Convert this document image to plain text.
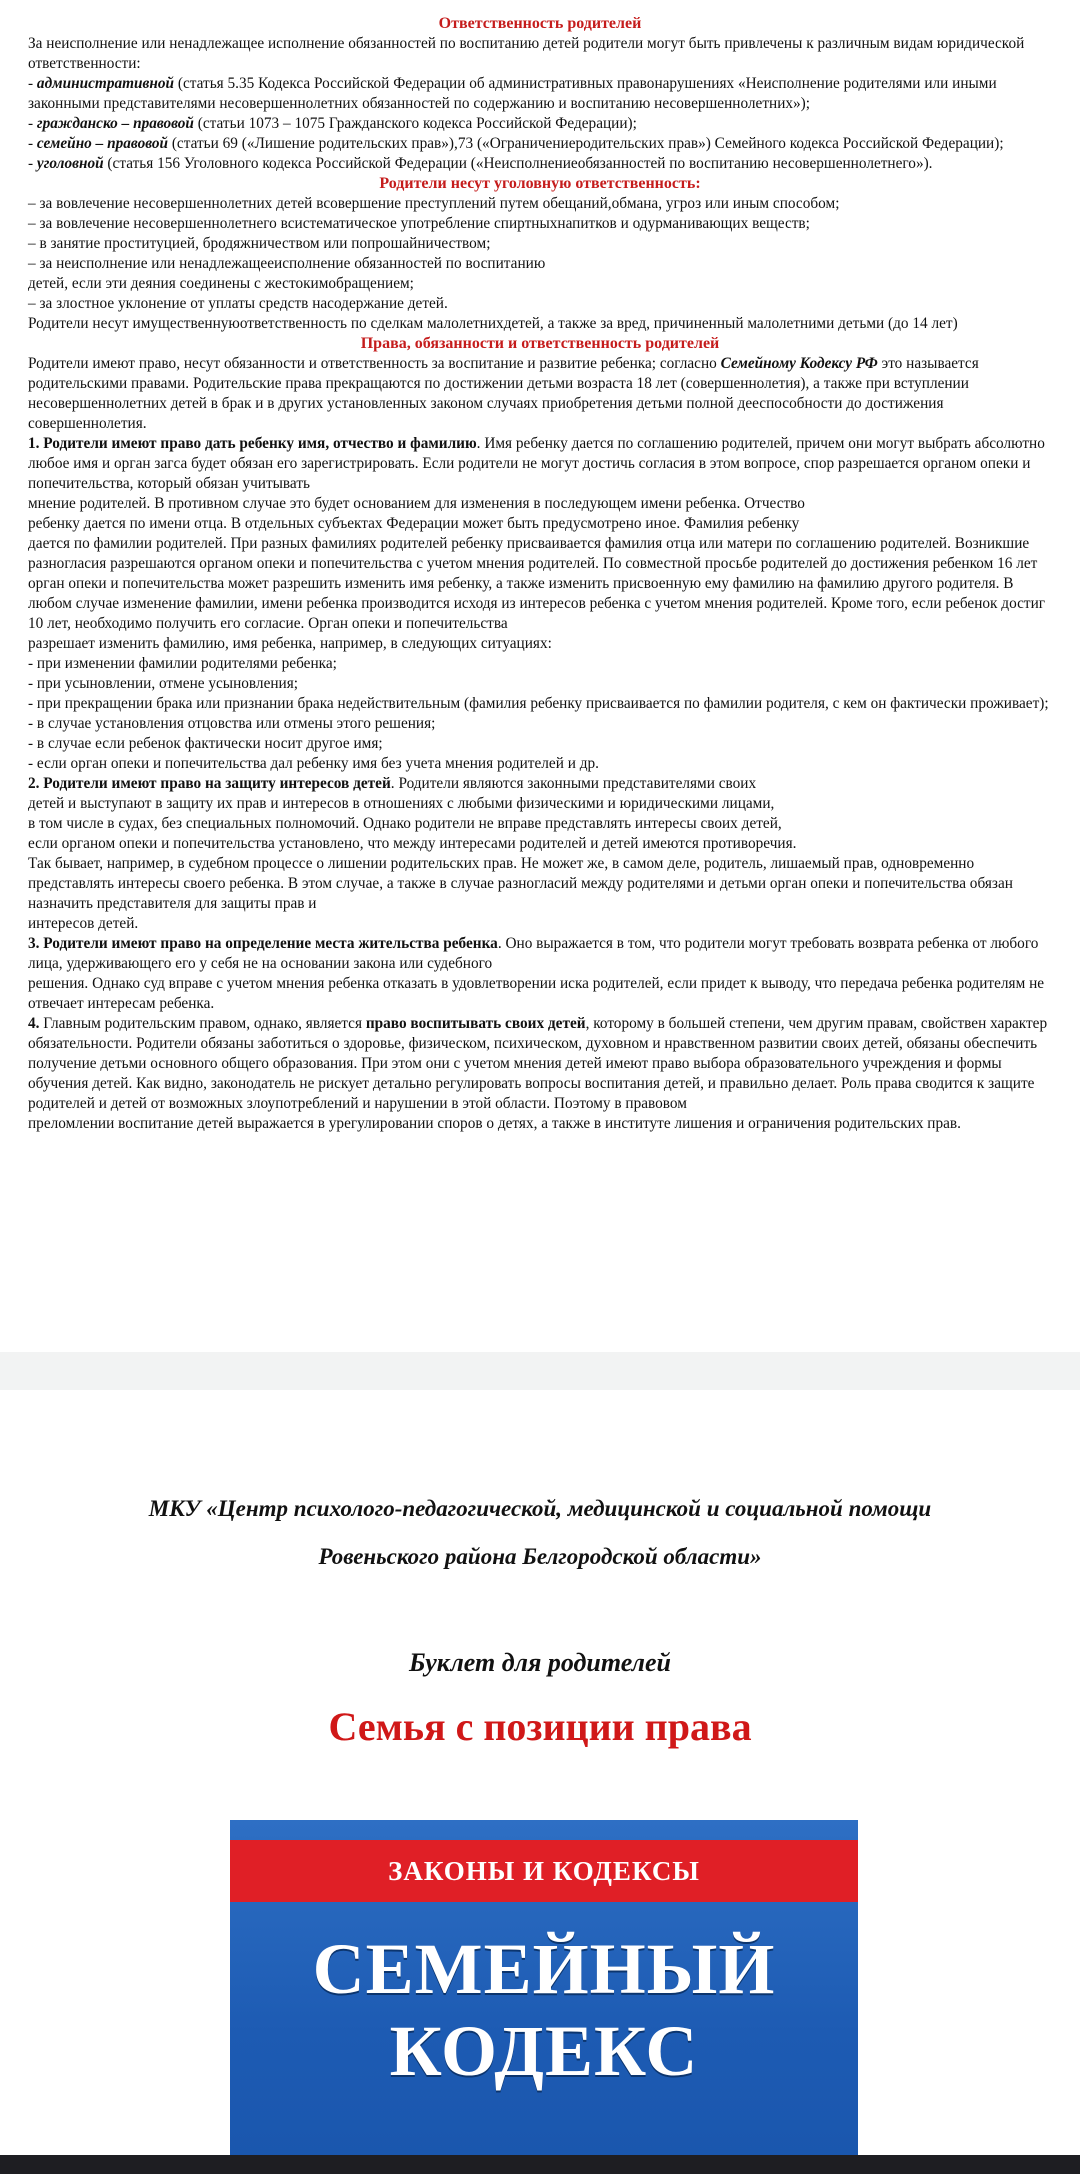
Ответственность родителей

За неисполнение или ненадлежащее исполнение обязанностей по воспитанию детей родители могут быть привлечены к различным видам юридической ответственности:

- административной (статья 5.35 Кодекса Российской Федерации об административных правонарушениях «Неисполнение родителями или иными законными представителями несовершеннолетних обязанностей по содержанию и воспитанию несовершеннолетних»);

- гражданско – правовой (статьи 1073 – 1075 Гражданского кодекса Российской Федерации);

- семейно – правовой (статьи 69 («Лишение родительских прав»),73 («Ограничениеродительских прав») Семейного кодекса Российской Федерации);

- уголовной (статья 156 Уголовного кодекса Российской Федерации («Неисполнениеобязанностей по воспитанию несовершеннолетнего»).

Родители несут уголовную ответственность:

– за вовлечение несовершеннолетних детей всовершение преступлений путем обещаний,обмана, угроз или иным способом;

– за вовлечение несовершеннолетнего всистематическое употребление спиртныхнапитков и одурманивающих веществ;

– в занятие проституцией, бродяжничеством или попрошайничеством;

– за неисполнение или ненадлежащееисполнение обязанностей по воспитанию

детей, если эти деяния соединены с жестокимобращением;

– за злостное уклонение от уплаты средств насодержание детей.

Родители несут имущественнуюответственность по сделкам малолетнихдетей, а также за вред, причиненный малолетними детьми (до 14 лет)

Права, обязанности и ответственность родителей

Родители имеют право, несут обязанности и ответственность за воспитание и развитие ребенка; согласно Семейному Кодексу РФ это называется родительскими правами. Родительские права прекращаются по достижении детьми возраста 18 лет (совершеннолетия), а также при вступлении несовершеннолетних детей в брак и в других установленных законом случаях приобретения детьми полной дееспособности до достижения совершеннолетия.

1. Родители имеют право дать ребенку имя, отчество и фамилию. Имя ребенку дается по соглашению родителей, причем они могут выбрать абсолютно любое имя и орган загса будет обязан его зарегистрировать. Если родители не могут достичь согласия в этом вопросе, спор разрешается органом опеки и попечительства, который обязан учитывать

мнение родителей. В противном случае это будет основанием для изменения в последующем имени ребенка. Отчество

ребенку дается по имени отца. В отдельных субъектах Федерации может быть предусмотрено иное. Фамилия ребенку

дается по фамилии родителей. При разных фамилиях родителей ребенку присваивается фамилия отца или матери по соглашению родителей. Возникшие разногласия разрешаются органом опеки и попечительства с учетом мнения родителей. По совместной просьбе родителей до достижения ребенком 16 лет орган опеки и попечительства может разрешить изменить имя ребенку, а также изменить присвоенную ему фамилию на фамилию другого родителя. В любом случае изменение фамилии, имени ребенка производится исходя из интересов ребенка с учетом мнения родителей. Кроме того, если ребенок достиг 10 лет, необходимо получить его согласие. Орган опеки и попечительства

разрешает изменить фамилию, имя ребенка, например, в следующих ситуациях:

- при изменении фамилии родителями ребенка;

- при усыновлении, отмене усыновления;

- при прекращении брака или признании брака недействительным (фамилия ребенку присваивается по фамилии родителя, с кем он фактически проживает);

- в случае установления отцовства или отмены этого решения;

- в случае если ребенок фактически носит другое имя;

- если орган опеки и попечительства дал ребенку имя без учета мнения родителей и др.

2. Родители имеют право на защиту интересов детей. Родители являются законными представителями своих

детей и выступают в защиту их прав и интересов в отношениях с любыми физическими и юридическими лицами,

в том числе в судах, без специальных полномочий. Однако родители не вправе представлять интересы своих детей,

если органом опеки и попечительства установлено, что между интересами родителей и детей имеются противоречия.

Так бывает, например, в судебном процессе о лишении родительских прав. Не может же, в самом деле, родитель, лишаемый прав, одновременно представлять интересы своего ребенка. В этом случае, а также в случае разногласий между родителями и детьми орган опеки и попечительства обязан назначить представителя для защиты прав и

интересов детей.

3. Родители имеют право на определение места жительства ребенка. Оно выражается в том, что родители могут требовать возврата ребенка от любого лица, удерживающего его у себя не на основании закона или судебного

решения. Однако суд вправе с учетом мнения ребенка отказать в удовлетворении иска родителей, если придет к выводу, что передача ребенка родителям не отвечает интересам ребенка.

4. Главным родительским правом, однако, является право воспитывать своих детей, которому в большей степени, чем другим правам, свойствен характер обязательности. Родители обязаны заботиться о здоровье, физическом, психическом, духовном и нравственном развитии своих детей, обязаны обеспечить получение детьми основного общего образования. При этом они с учетом мнения детей имеют право выбора образовательного учреждения и формы обучения детей. Как видно, законодатель не рискует детально регулировать вопросы воспитания детей, и правильно делает. Роль права сводится к защите родителей и детей от возможных злоупотреблений и нарушении в этой области. Поэтому в правовом

преломлении воспитание детей выражается в урегулировании споров о детях, а также в институте лишения и ограничения родительских прав.

МКУ «Центр психолого-педагогической, медицинской и социальной помощи
Ровеньского района Белгородской области»
Буклет для родителей
Семья с позиции права
ЗАКОНЫ И КОДЕКСЫ
СЕМЕЙНЫЙ
КОДЕКС
